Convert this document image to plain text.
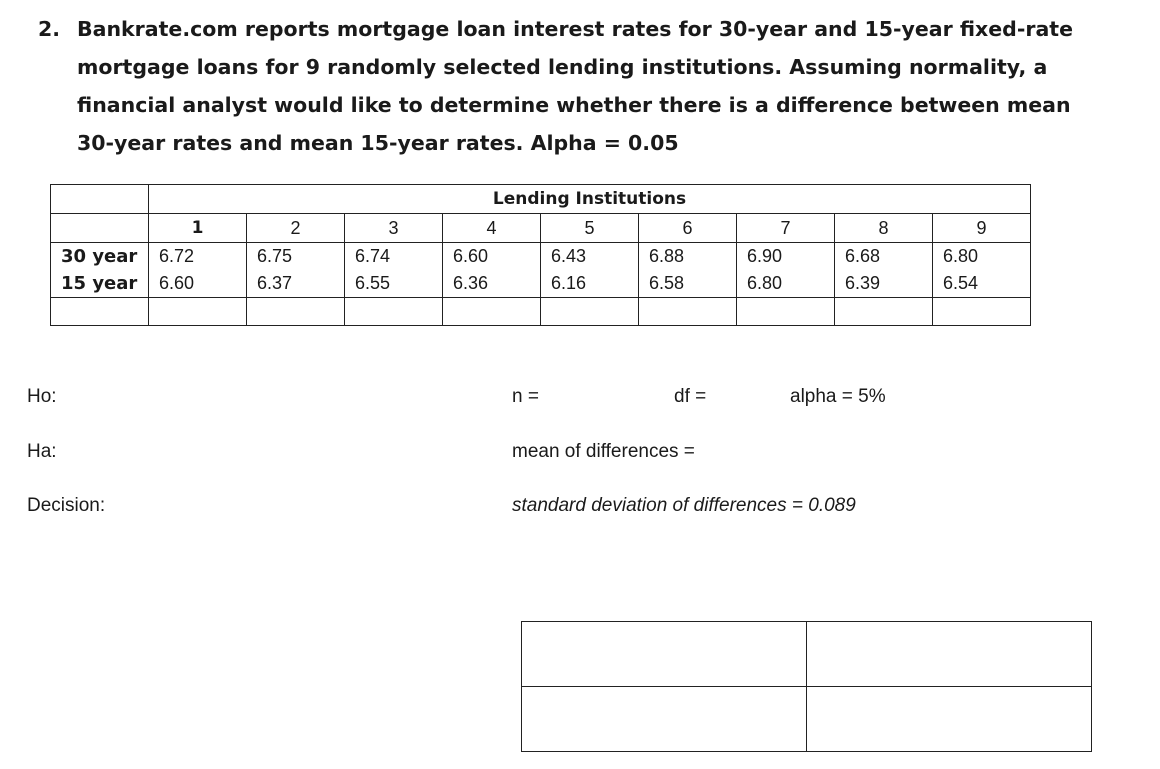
2. Bankrate.com reports mortgage loan interest rates for 30-year and 15-year fixed-rate mortgage loans for 9 randomly selected lending institutions. Assuming normality, a financial analyst would like to determine whether there is a difference between mean 30-year rates and mean 15-year rates. Alpha = 0.05
	Lending Institutions								
	1	2	3	4	5	6	7	8	9
30 year	6.72	6.75	6.74	6.60	6.43	6.88	6.90	6.68	6.80
15 year	6.60	6.37	6.55	6.36	6.16	6.58	6.80	6.39	6.54

Ho:
Ha:
Decision:
n =	df =	alpha = 5%
mean of differences =
standard deviation of differences = 0.089
